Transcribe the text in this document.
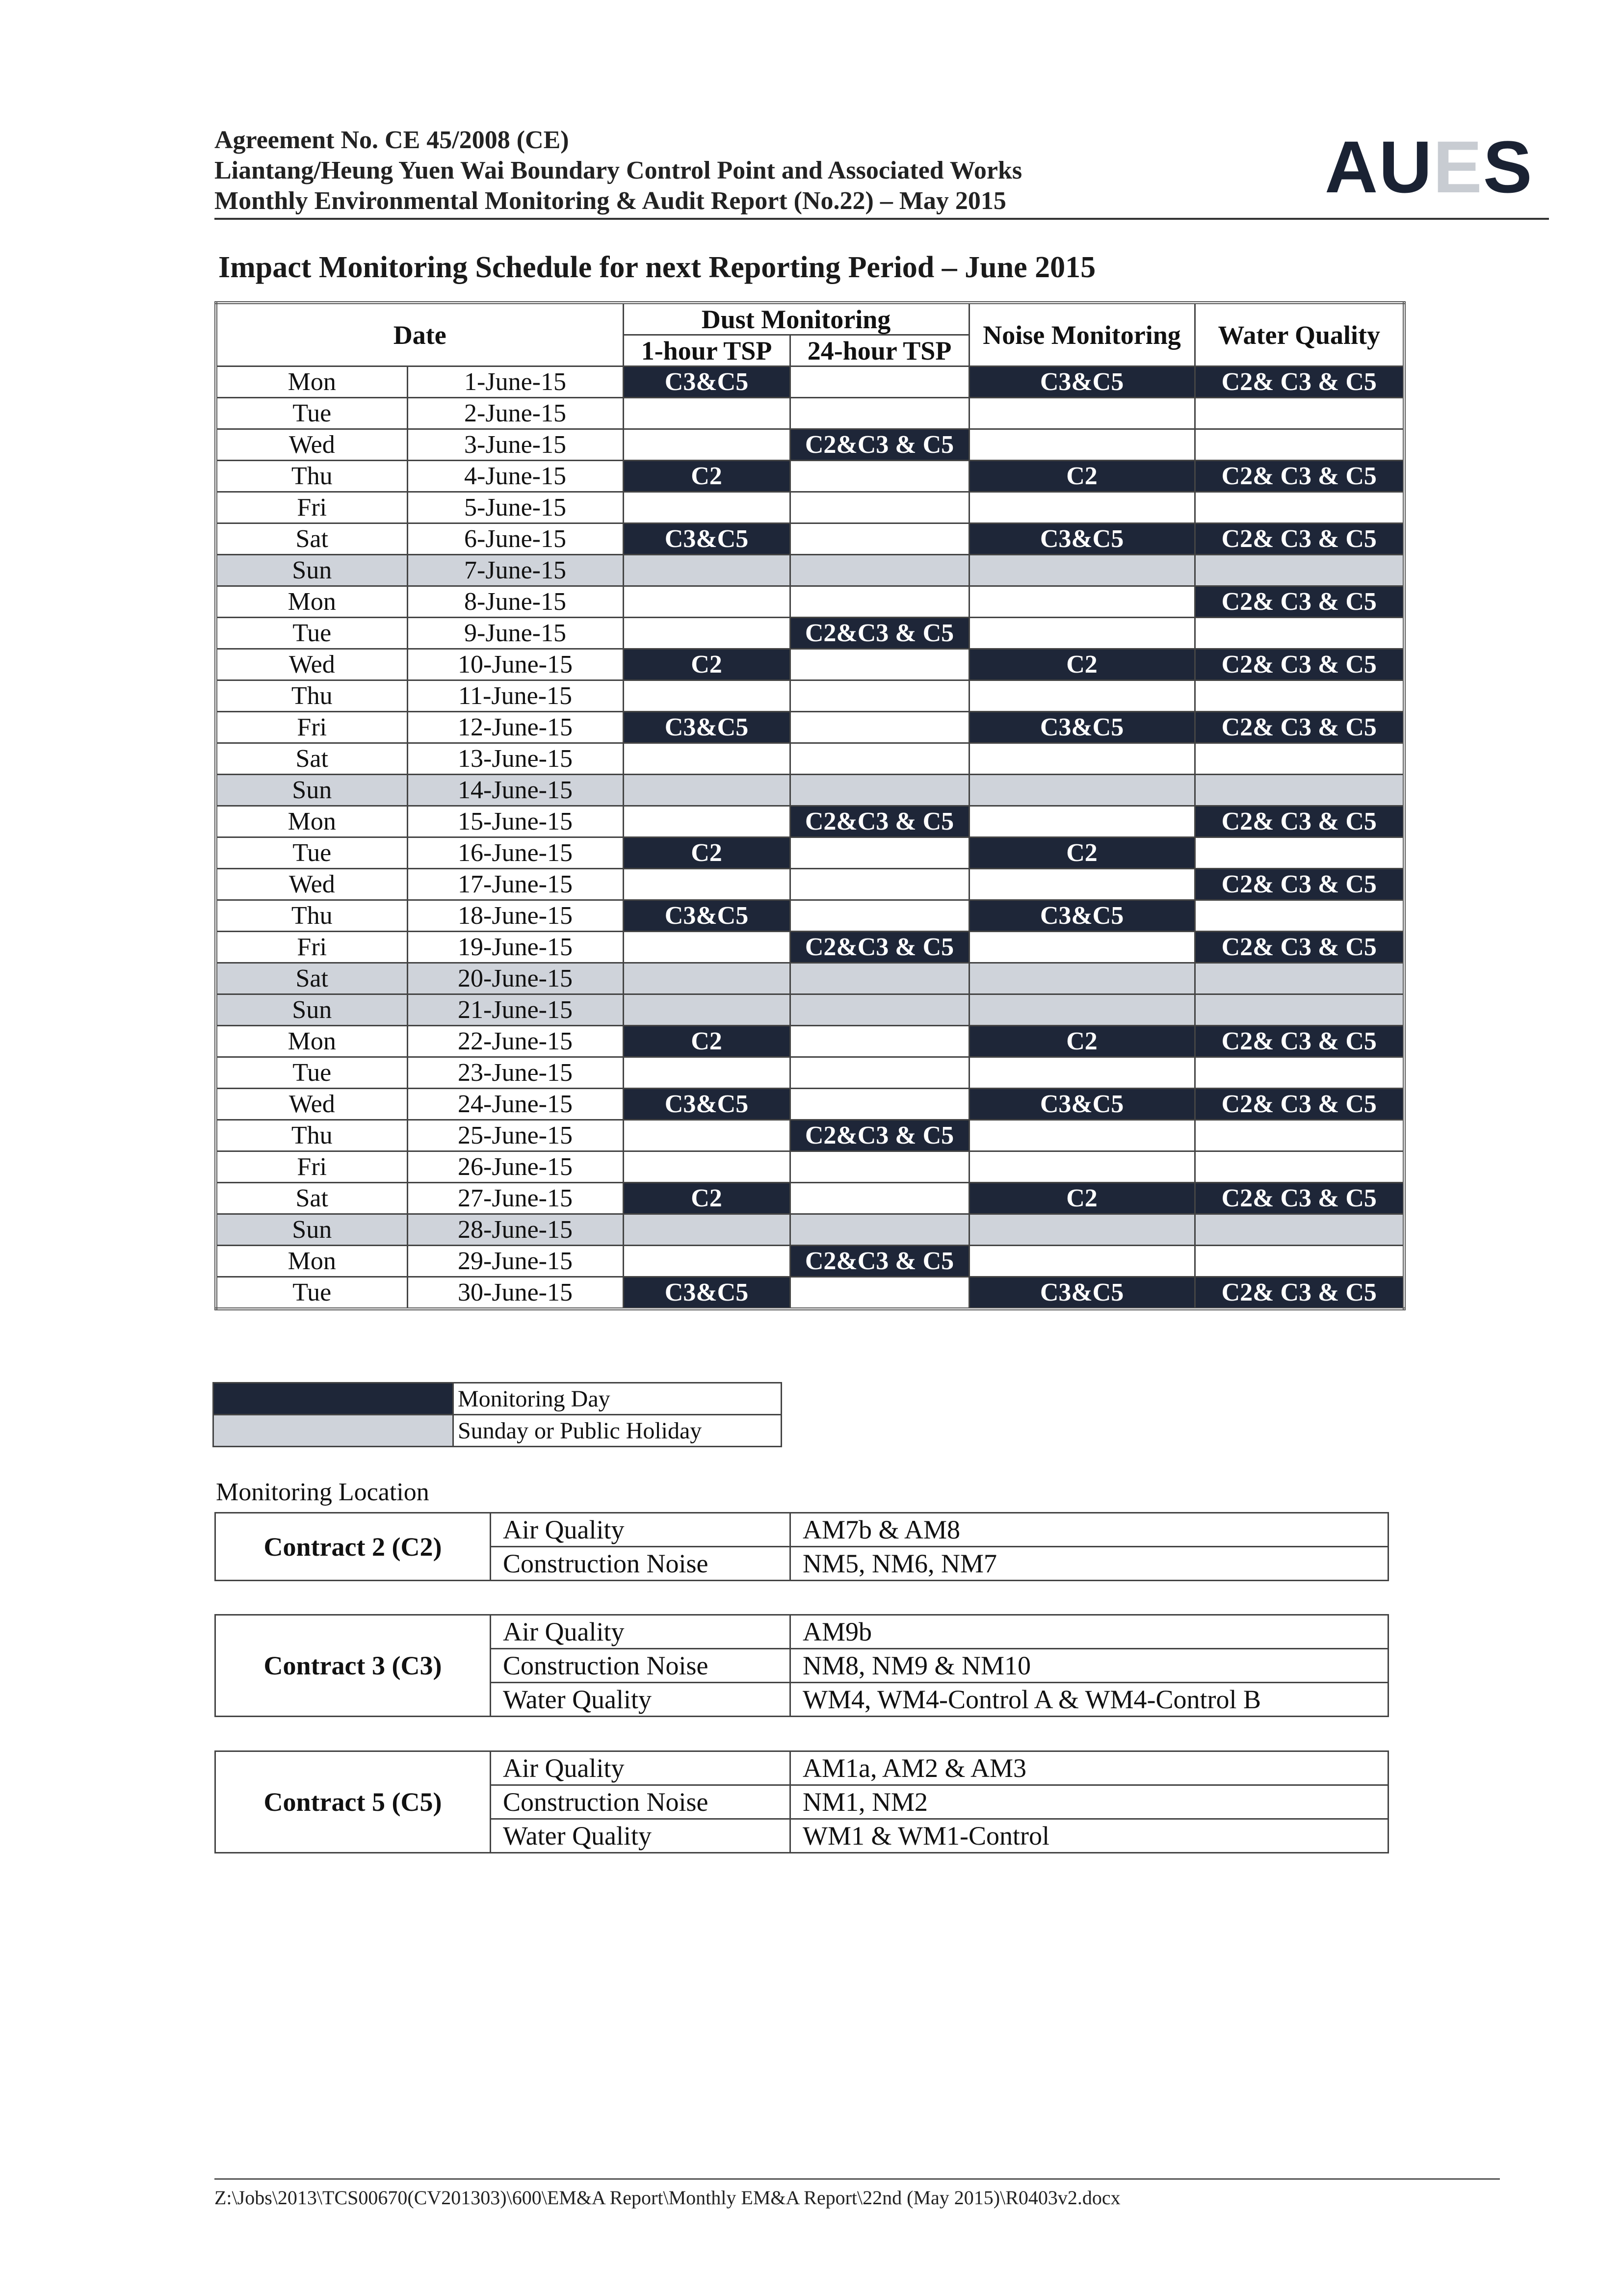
Agreement No. CE 45/2008 (CE)
Liantang/Heung Yuen Wai Boundary Control Point and Associated Works
Monthly Environmental Monitoring & Audit Report (No.22) – May 2015	AUES
Impact Monitoring Schedule for next Reporting Period – June 2015
Date		Dust Monitoring		Noise Monitoring	Water Quality
		1-hour TSP	24-hour TSP		
Mon	1-June-15	C3&C5		C3&C5	C2& C3 & C5
Tue	2-June-15				
Wed	3-June-15		C2&C3 & C5		
Thu	4-June-15	C2		C2	C2& C3 & C5
Fri	5-June-15				
Sat	6-June-15	C3&C5		C3&C5	C2& C3 & C5
Sun	7-June-15				
Mon	8-June-15				C2& C3 & C5
Tue	9-June-15		C2&C3 & C5		
Wed	10-June-15	C2		C2	C2& C3 & C5
Thu	11-June-15				
Fri	12-June-15	C3&C5		C3&C5	C2& C3 & C5
Sat	13-June-15				
Sun	14-June-15				
Mon	15-June-15		C2&C3 & C5		C2& C3 & C5
Tue	16-June-15	C2		C2	
Wed	17-June-15				C2& C3 & C5
Thu	18-June-15	C3&C5		C3&C5	
Fri	19-June-15		C2&C3 & C5		C2& C3 & C5
Sat	20-June-15				
Sun	21-June-15				
Mon	22-June-15	C2		C2	C2& C3 & C5
Tue	23-June-15				
Wed	24-June-15	C3&C5		C3&C5	C2& C3 & C5
Thu	25-June-15		C2&C3 & C5		
Fri	26-June-15				
Sat	27-June-15	C2		C2	C2& C3 & C5
Sun	28-June-15				
Mon	29-June-15		C2&C3 & C5		
Tue	30-June-15	C3&C5		C3&C5	C2& C3 & C5
	Monitoring Day
	Sunday or Public Holiday
Monitoring Location
Contract 2 (C2)	Air Quality	AM7b & AM8
	Construction Noise	NM5, NM6, NM7
Contract 3 (C3)	Air Quality	AM9b
	Construction Noise	NM8, NM9 & NM10
	Water Quality	WM4, WM4-Control A & WM4-Control B
Contract 5 (C5)	Air Quality	AM1a, AM2 & AM3
	Construction Noise	NM1, NM2
	Water Quality	WM1 & WM1-Control
Z:\Jobs\2013\TCS00670(CV201303)\600\EM&A Report\Monthly EM&A Report\22nd (May 2015)\R0403v2.docx
